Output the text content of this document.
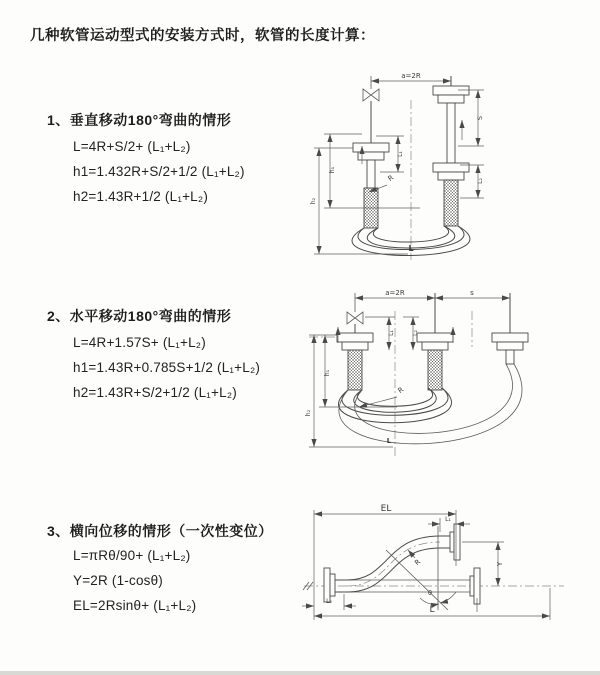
几种软管运动型式的安装方式时，软管的长度计算：
1、垂直移动180°弯曲的情形
L=4R+S/2+ (L₁+L₂)
h1=1.432R+S/2+1/2 (L₁+L₂)
h2=1.43R+1/2 (L₁+L₂)
2、水平移动180°弯曲的情形
L=4R+1.57S+ (L₁+L₂)
h1=1.43R+0.785S+1/2 (L₁+L₂)
h2=1.43R+S/2+1/2 (L₁+L₂)
3、横向位移的情形（一次性变位）
L=πRθ/90+ (L₁+L₂)
Y=2R (1-cosθ)
EL=2Rsinθ+ (L₁+L₂)
a=2R
L₁
S
L₂
h₁
h₂
R
L
a=2R	s
h₁
h₂
L₁	L₂
R
L
θ
EL
L₁
Y
L₂
L
R
